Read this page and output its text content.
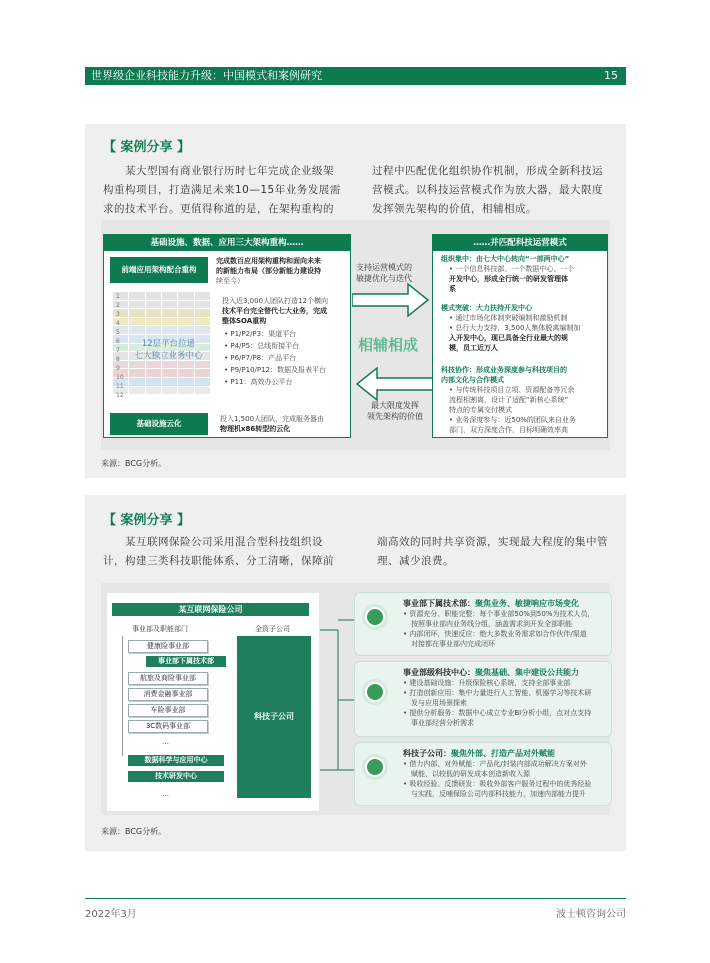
世界级企业科技能力升级：中国模式和案例研究	15
【 案例分享 】
某大型国有商业银行历时七年完成企业级架
构重构项目，打造满足未来10—15年业务发展需
求的技术平台。更值得称道的是，在架构重构的
过程中匹配优化组织协作机制，形成全新科技运
营模式。以科技运营模式作为放大器，最大限度
发挥领先架构的价值，相辅相成。
来源：BCG分析。
基础设施、数据、应用三大架构重构……
前端应用架构配合重构
完成数百应用架构重构和面向未来
的新能力布局（部分新能力建设持
续至今）
1
2
3
4
5
6
7
8
9
10
11
12
12层平台拉通
七大独立业务中心
投入近3,000人团队打造12个横向
技术平台完全替代七大业务，完成
整体SOA重构
• P1/P2/P3：渠道平台
• P4/P5：总线衔接平台
• P6/P7/P8：产品平台
• P9/P10/P12：数据及报表平台
• P11：高效办公平台
基础设施云化	投入1,500人团队，完成服务器由
物理机x86转型的云化
支持运营模式的
敏捷优化与迭代
相辅相成
最大限度发挥
领先架构的价值
……并匹配科技运营模式
组织集中：由七大中心转向“一部两中心”
• 一个信息科技部、一个数据中心、一个
开发中心，形成全行统一的研发管理体
系
模式突破：大力扶持开发中心
• 通过市场化体制突破编制和激励机制
• 总行大力支持，3,500人集体脱离编制加
入开发中心，现已具备全行业最大的规
模，员工近万人
科技协作：形成业务深度参与科技项目的
内部文化与合作模式
• 与传统科技项目立项、资源配备等冗余
流程相割离，设计了适配“新核心系统”
特点的专属交付模式
• 业务深度参与：近50%的团队来自业务
部门，双方深度合作，目标明确效率高
【 案例分享 】
某互联网保险公司采用混合型科技组织设
计，构建三类科技职能体系、分工清晰，保障前
端高效的同时共享资源，实现最大程度的集中管
理、减少浪费。
来源：BCG分析。
某互联网保险公司
事业部及职能部门	全资子公司
健康险事业部
事业部下属技术部
航旅及商险事业部
消费金融事业部
车险事业部
3C数码事业部
…
数据科学与应用中心
技术研发中心
…
科技子公司
事业部下属技术部：聚焦业务、敏捷响应市场变化
• 资源充分、职能完整：每个事业部50%到50%为技术人员，
按照事业部内业务线分组，涵盖需求到开发全部职能
• 内部闭环，快速反应：绝大多数业务需求如合作伙伴/渠道
对接都在事业部内完成闭环
事业部级科技中心：聚焦基础、集中建设公共能力
• 建设基础设施：升级保险核心系统，支持全部事业部
• 打造创新应用：集中力量进行人工智能、机器学习等技术研
发与应用场景探索
• 提供分析服务：数据中心成立专业BI分析小组，点对点支持
事业部经营分析需求
科技子公司：聚焦外部、打造产品对外赋能
• 借力内部、对外赋能：产品化/封装内部成功解决方案对外
赋能，以较低的研发成本创造新收入源
• 吸收经验、反馈研发：吸收外部客户服务过程中的优秀经验
与实践，反哺保险公司内部科技能力，加速内部能力提升
2022年3月	波士顿咨询公司
